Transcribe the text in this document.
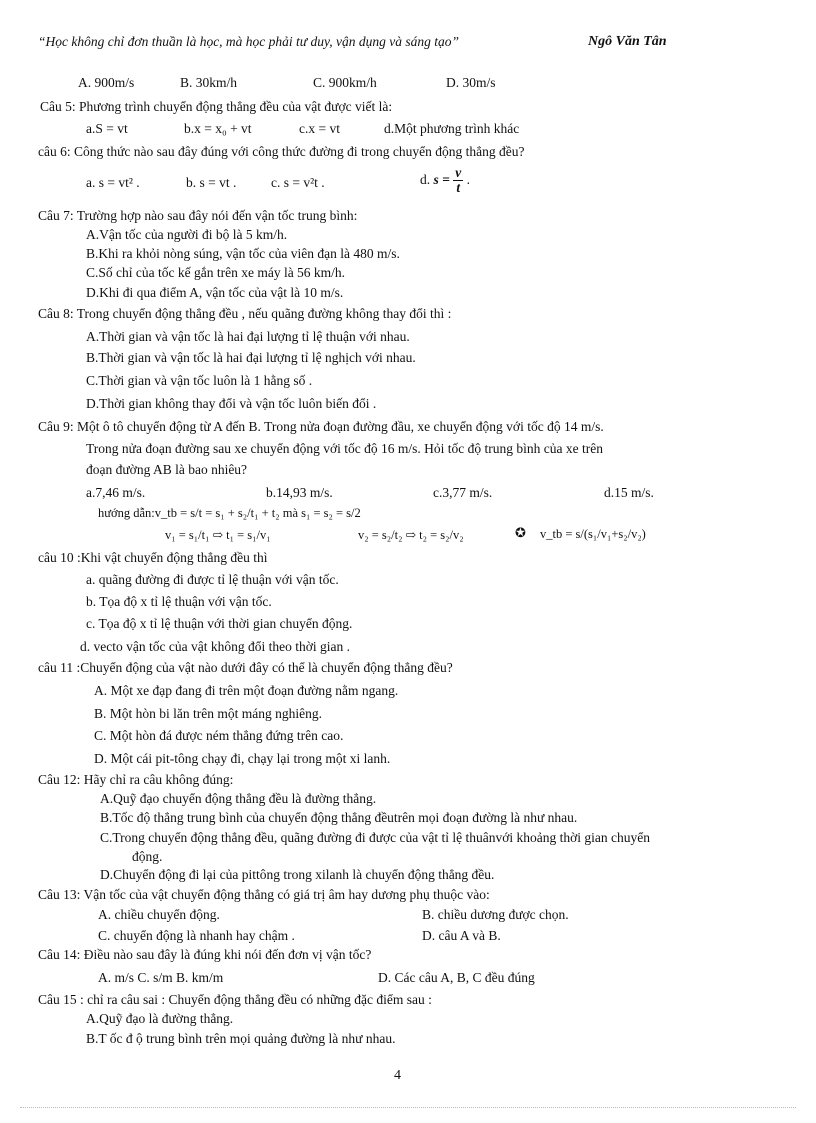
“Học không chỉ đơn thuần là học, mà học phải tư duy, vận dụng và sáng tạo”	Ngô Văn Tân
A. 900m/s	B. 30km/h	C. 900km/h	D. 30m/s
Câu 5: Phương trình chuyển động thẳng đều của vật được viết là:
a.S = vt	b.x = x₀ + vt	c.x = vt	d.Một phương trình khác
câu 6: Công thức nào sau đây đúng với công thức đường đi trong chuyển động thẳng đều?
a. s = vt² .	b. s = vt .	c. s = v²t .	d. $s = \frac{v}{t}$ .
Câu 7: Trường hợp nào sau đây nói đến vận tốc trung bình:
A.Vận tốc của người đi bộ là 5 km/h.
B.Khi ra khỏi nòng súng, vận tốc của viên đạn là 480 m/s.
C.Số chỉ của tốc kế gắn trên xe máy là 56 km/h.
D.Khi đi qua điểm A, vận tốc của vật là 10 m/s.
Câu 8: Trong chuyển động thẳng đều , nếu quãng đường không thay đổi thì :
A.Thời gian và vận tốc là hai đại lượng tỉ lệ thuận với nhau.
B.Thời gian và vận tốc là hai đại lượng tỉ lệ nghịch với nhau.
C.Thời gian và vận tốc luôn là 1 hằng số .
D.Thời gian không thay đổi và vận tốc luôn biến đổi .
Câu 9: Một ô tô chuyển động từ A đến B. Trong nửa đoạn đường đầu, xe chuyển động với tốc độ 14 m/s.
Trong nửa đoạn đường sau xe chuyển động với tốc độ 16 m/s. Hỏi tốc độ trung bình của xe trên
đoạn đường AB là bao nhiêu?
a.7,46 m/s.	b.14,93 m/s.	c.3,77 m/s.	d.15 m/s.
hướng dẫn:v_tb = s/t = s₁ + s₂/t₁ + t₂ mà s₁ = s₂ = s/2
v₁ = s₁/t₁ ⇨ t₁ = s₁/v₁	v₂ = s₂/t₂ ⇨ t₂ = s₂/v₂	✪ v_tb = s/(s₁/v₁+s₂/v₂)
câu 10 :Khi vật chuyển động thẳng đều thì
a. quãng đường đi được tỉ lệ thuận với vận tốc.
b. Tọa độ x tỉ lệ thuận với vận tốc.
c. Tọa độ x tỉ lệ thuận với thời gian chuyển động.
d. vecto vận tốc của vật không đổi theo thời gian .
câu 11 :Chuyển động của vật nào dưới đây có thể là chuyển động thẳng đều?
A. Một xe đạp đang đi trên một đoạn đường nằm ngang.
B. Một hòn bi lăn trên một máng nghiêng.
C. Một hòn đá được ném thẳng đứng trên cao.
D. Một cái pit-tông chạy đi, chạy lại trong một xi lanh.
Câu 12: Hãy chỉ ra câu không đúng:
A.Quỹ đạo chuyển động thẳng đều là đường thẳng.
B.Tốc độ thẳng trung bình của chuyển động thẳng đềutrên mọi đoạn đường là như nhau.
C.Trong chuyển động thẳng đều, quãng đường đi được của vật tỉ lệ thuânvới khoảng thời gian chuyển
động.
D.Chuyển động đi lại của pittông trong xilanh là chuyển động thẳng đều.
Câu 13: Vận tốc của vật chuyển động thẳng có giá trị âm hay dương phụ thuộc vào:
A. chiều chuyển động.	B. chiều dương được chọn.
C. chuyển động là nhanh hay chậm .	D. câu A và B.
Câu 14: Điều nào sau đây là đúng khi nói đến đơn vị vận tốc?
A. m/s C. s/m B. km/m	D. Các câu A, B, C đều đúng
Câu 15 : chỉ ra câu sai : Chuyển động thẳng đều có những đặc điểm sau :
A.Quỹ đạo là đường thẳng.
B.T ốc đ ộ trung bình trên mọi quảng đường là như nhau.
4
